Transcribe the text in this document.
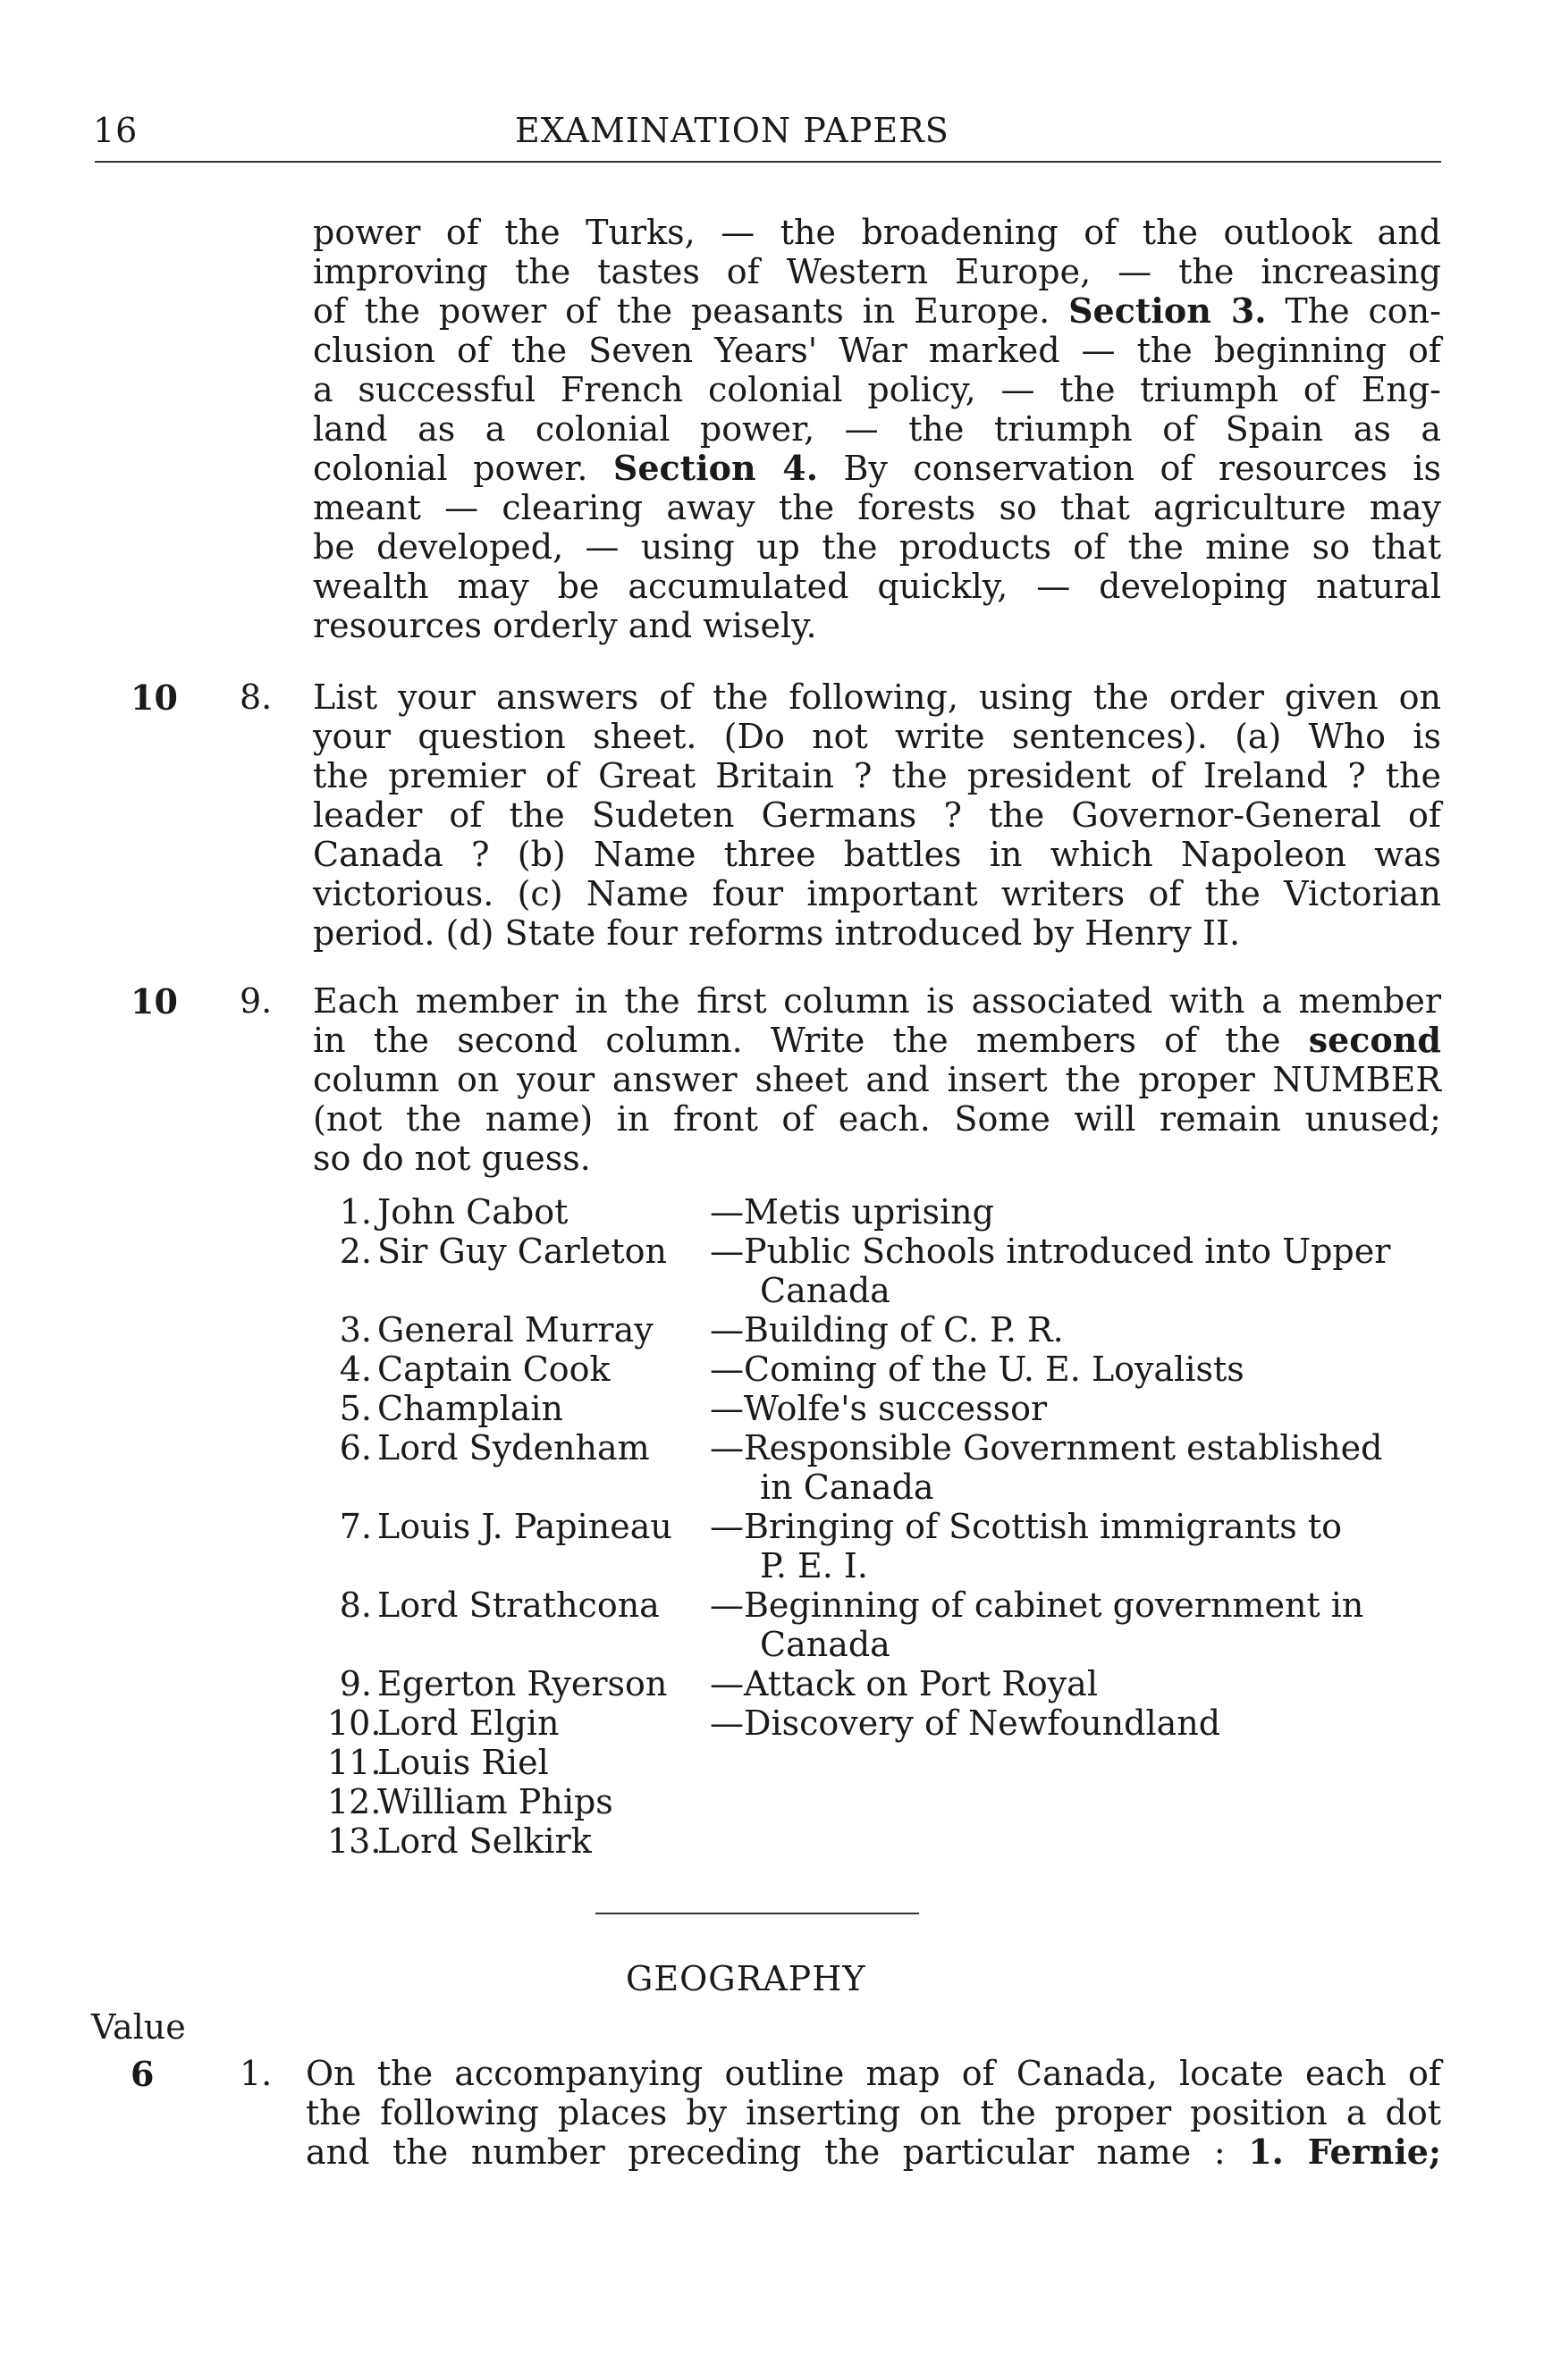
16	EXAMINATION PAPERS
power of the Turks, — the broadening of the outlook and
improving the tastes of Western Europe, — the increasing
of the power of the peasants in Europe. Section 3. The con-
clusion of the Seven Years' War marked — the beginning of
a successful French colonial policy, — the triumph of Eng-
land as a colonial power, — the triumph of Spain as a
colonial power. Section 4. By conservation of resources is
meant — clearing away the forests so that agriculture may
be developed, — using up the products of the mine so that
wealth may be accumulated quickly, — developing natural
resources orderly and wisely.
10 8. List your answers of the following, using the order given on
your question sheet. (Do not write sentences). (a) Who is
the premier of Great Britain ? the president of Ireland ? the
leader of the Sudeten Germans ? the Governor-General of
Canada ? (b) Name three battles in which Napoleon was
victorious. (c) Name four important writers of the Victorian
period. (d) State four reforms introduced by Henry II.
10 9. Each member in the first column is associated with a member
in the second column. Write the members of the second
column on your answer sheet and insert the proper NUMBER
(not the name) in front of each. Some will remain unused;
so do not guess.
1. John Cabot	—Metis uprising
2. Sir Guy Carleton —Public Schools introduced into Upper
Canada
3. General Murray —Building of C. P. R.
4. Captain Cook	—Coming of the U. E. Loyalists
5. Champlain	—Wolfe's successor
6. Lord Sydenham —Responsible Government established
in Canada
7. Louis J. Papineau —Bringing of Scottish immigrants to
P. E. I.
8. Lord Strathcona —Beginning of cabinet government in
Canada
9. Egerton Ryerson —Attack on Port Royal
10.
Lord Elgin	—Discovery of Newfoundland
11.
Louis Riel
12.
William Phips
13.
Lord Selkirk
GEOGRAPHY
Value
6	1. On the accompanying outline map of Canada, locate each of
the following places by inserting on the proper position a dot
and the number preceding the particular name : 1. Fernie;
